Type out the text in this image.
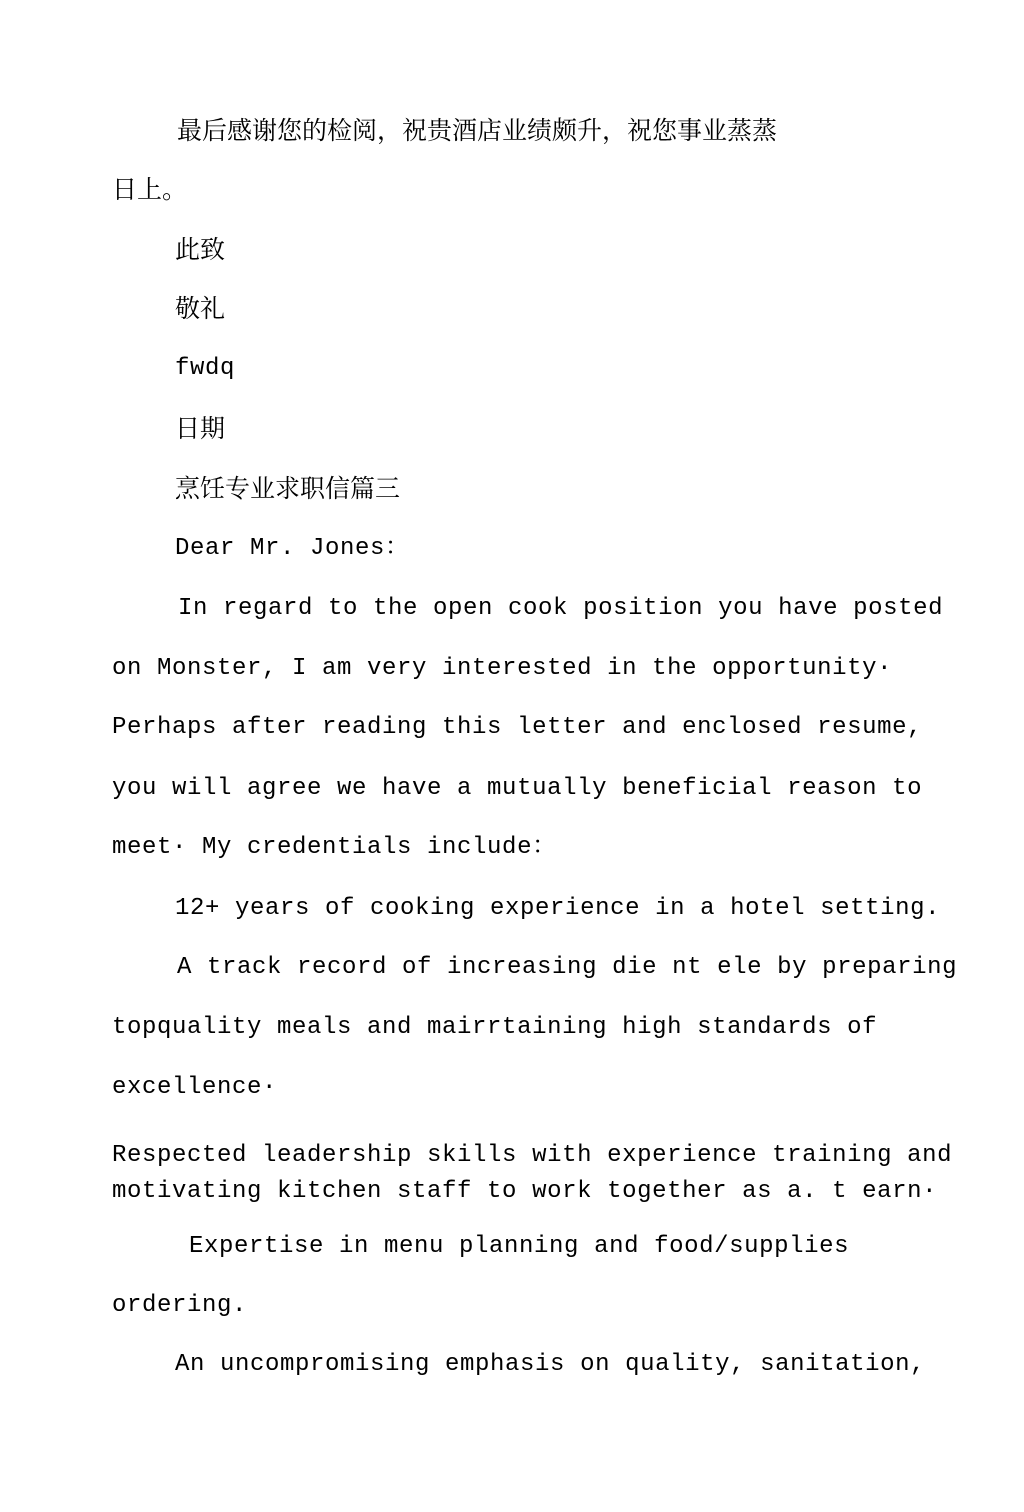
最后感谢您的检阅，祝贵酒店业绩颇升，祝您事业蒸蒸
日上。
此致
敬礼
fwdq
日期
烹饪专业求职信篇三
Dear Mr. Jones：
In regard to the open cook position you have posted
on Monster, I am very interested in the opportunity·
Perhaps after reading this letter and enclosed resume,
you will agree we have a mutually beneficial reason to
meet· My credentials include：
12+ years of cooking experience in a hotel setting.
A track record of increasing die nt ele by preparing
topquality meals and mairrtaining high standards of
excellence·
Respected leadership skills with experience training and
motivating kitchen staff to work together as a. t earn·
Expertise in menu planning and food/supplies
ordering.
An uncompromising emphasis on quality, sanitation,
